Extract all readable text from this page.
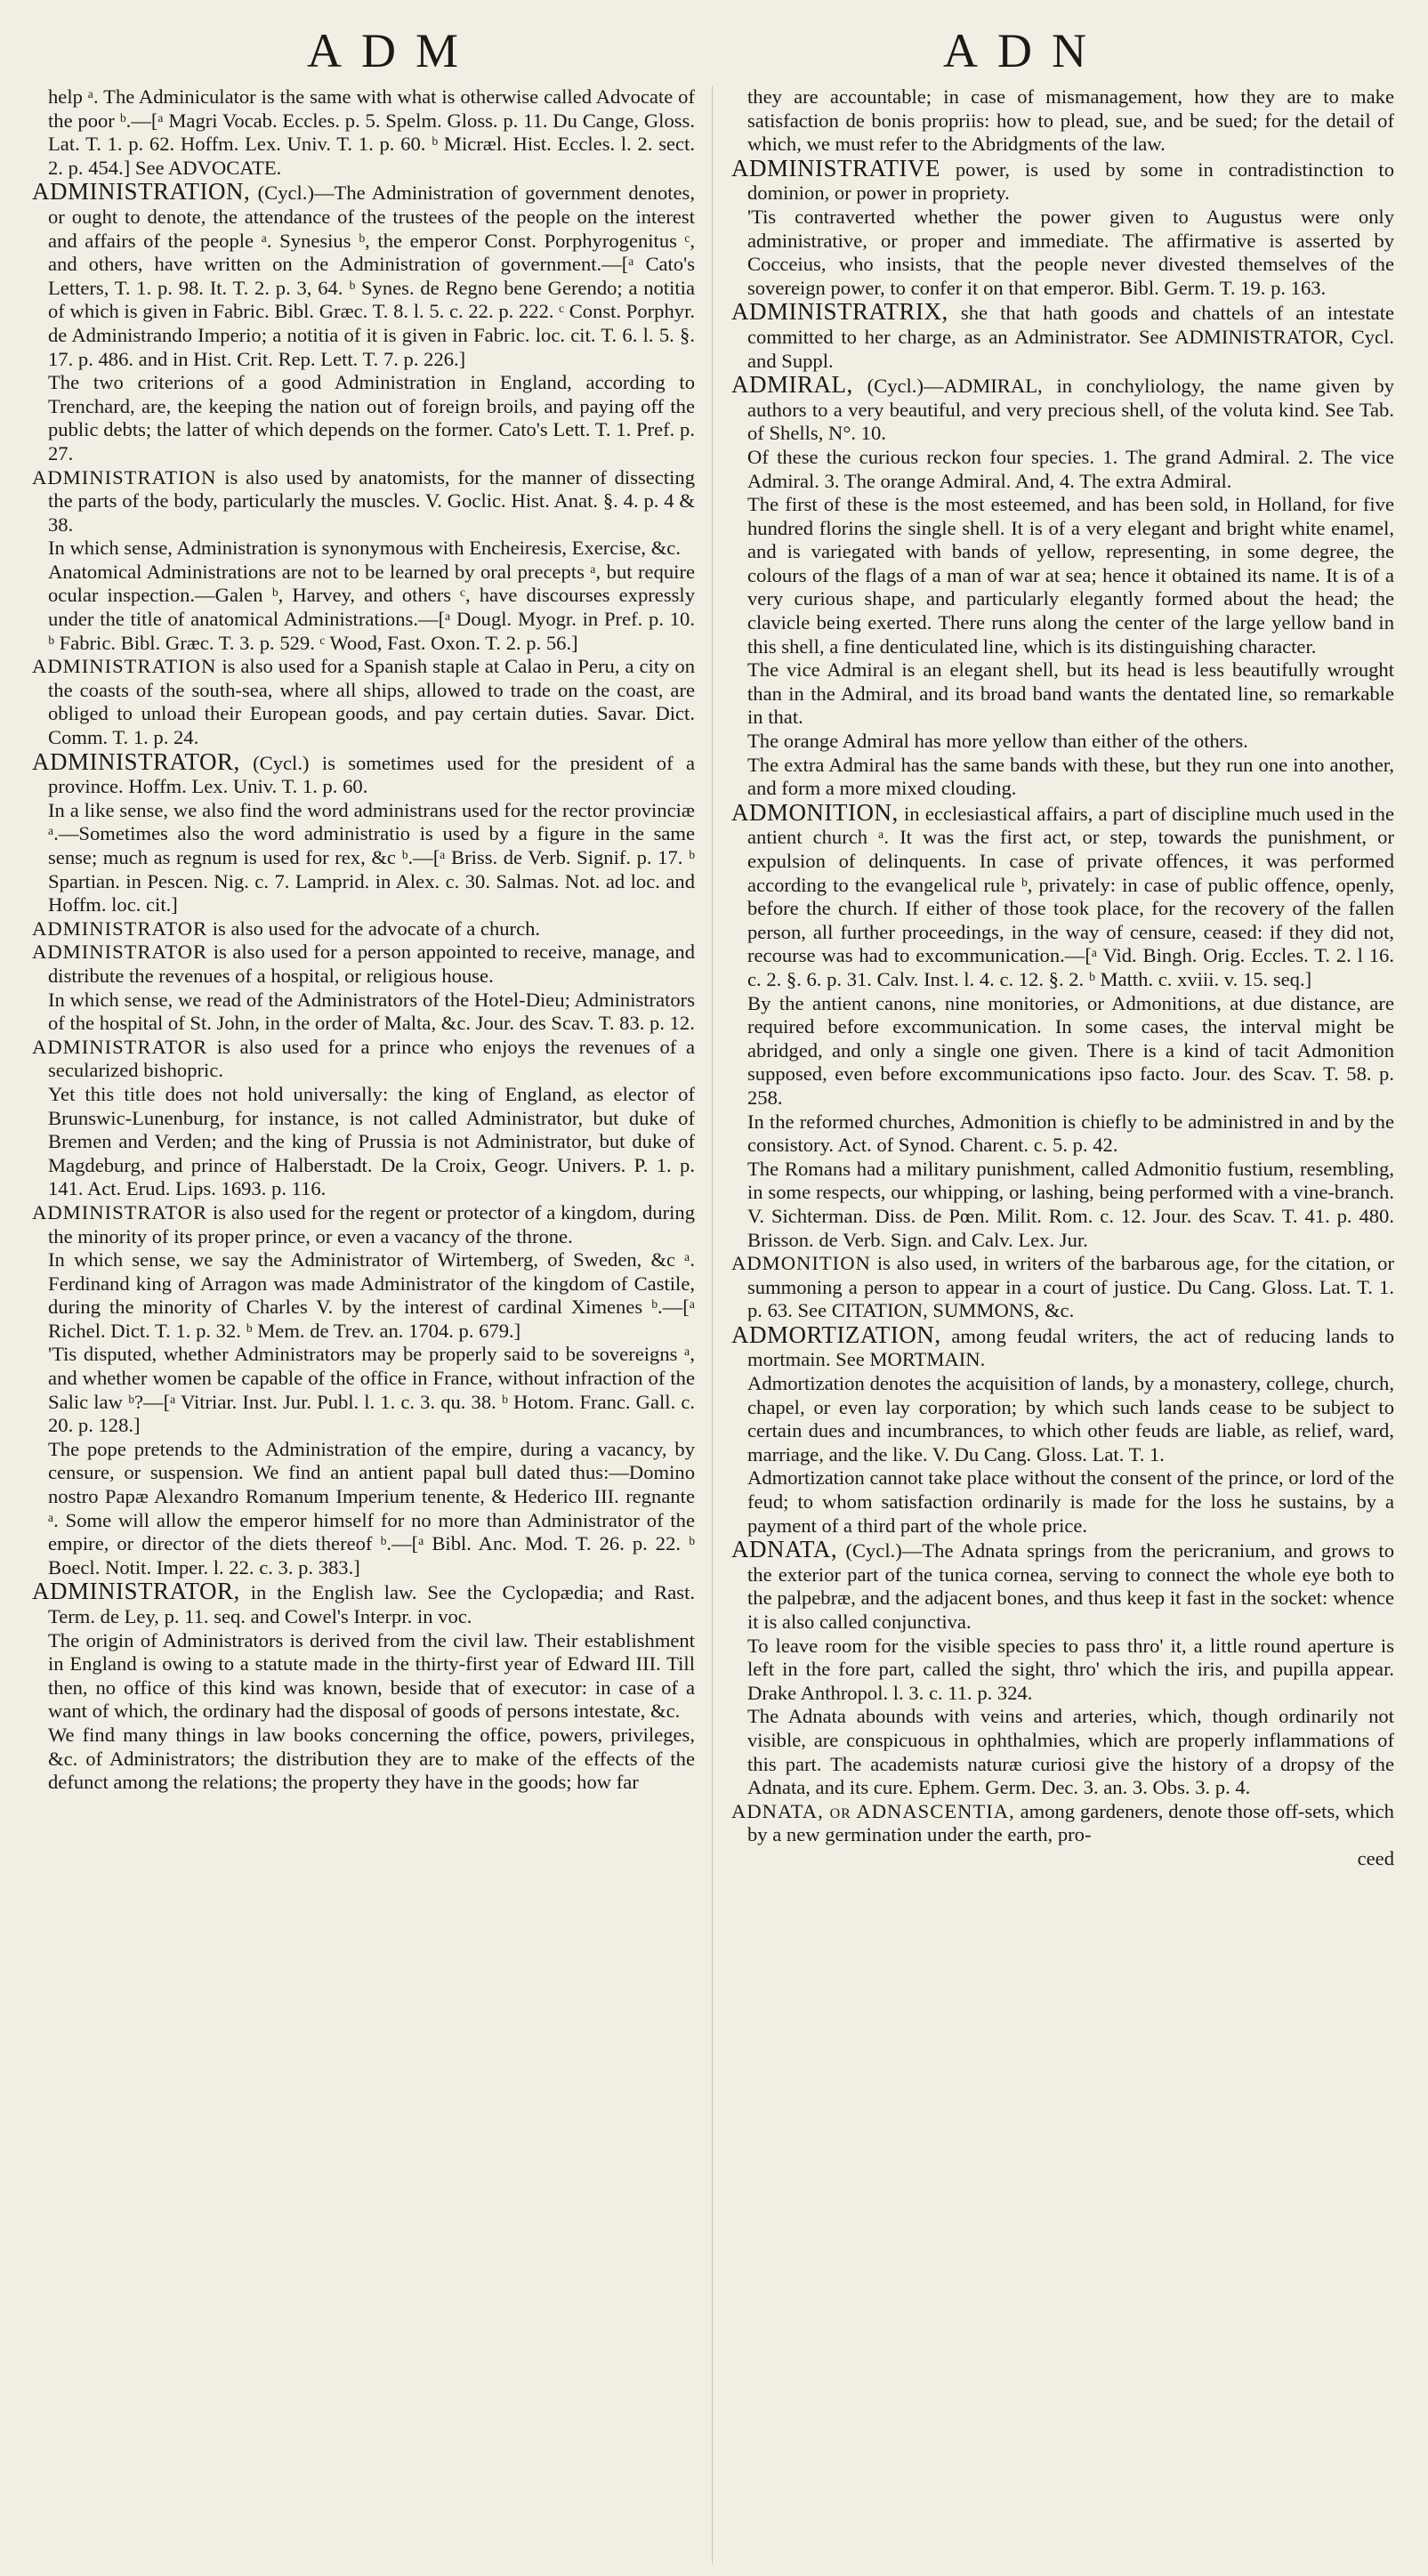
ADM	ADN

help ᵃ. The Adminiculator is the same with what is otherwise called Advocate of the poor ᵇ.—[ᵃ Magri Vocab. Eccles. p. 5. Spelm. Gloss. p. 11. Du Cange, Gloss. Lat. T. 1. p. 62. Hoffm. Lex. Univ. T. 1. p. 60. ᵇ Micræl. Hist. Eccles. l. 2. sect. 2. p. 454.] See ADVOCATE.

ADMINISTRATION, (Cycl.)—The Administration of government denotes, or ought to denote, the attendance of the trustees of the people on the interest and affairs of the people ᵃ. Synesius ᵇ, the emperor Const. Porphyrogenitus ᶜ, and others, have written on the Administration of government.—[ᵃ Cato's Letters, T. 1. p. 98. It. T. 2. p. 3, 64. ᵇ Synes. de Regno bene Gerendo; a notitia of which is given in Fabric. Bibl. Græc. T. 8. l. 5. c. 22. p. 222. ᶜ Const. Porphyr. de Administrando Imperio; a notitia of it is given in Fabric. loc. cit. T. 6. l. 5. §. 17. p. 486. and in Hist. Crit. Rep. Lett. T. 7. p. 226.]

The two criterions of a good Administration in England, according to Trenchard, are, the keeping the nation out of foreign broils, and paying off the public debts; the latter of which depends on the former. Cato's Lett. T. 1. Pref. p. 27.

ADMINISTRATION is also used by anatomists, for the manner of dissecting the parts of the body, particularly the muscles. V. Goclic. Hist. Anat. §. 4. p. 4 & 38.

In which sense, Administration is synonymous with Encheiresis, Exercise, &c.

Anatomical Administrations are not to be learned by oral precepts ᵃ, but require ocular inspection.—Galen ᵇ, Harvey, and others ᶜ, have discourses expressly under the title of anatomical Administrations.—[ᵃ Dougl. Myogr. in Pref. p. 10. ᵇ Fabric. Bibl. Græc. T. 3. p. 529. ᶜ Wood, Fast. Oxon. T. 2. p. 56.]

ADMINISTRATION is also used for a Spanish staple at Calao in Peru, a city on the coasts of the south-sea, where all ships, allowed to trade on the coast, are obliged to unload their European goods, and pay certain duties. Savar. Dict. Comm. T. 1. p. 24.

ADMINISTRATOR, (Cycl.) is sometimes used for the president of a province. Hoffm. Lex. Univ. T. 1. p. 60.

In a like sense, we also find the word administrans used for the rector provinciæ ᵃ.—Sometimes also the word administratio is used by a figure in the same sense; much as regnum is used for rex, &c ᵇ.—[ᵃ Briss. de Verb. Signif. p. 17. ᵇ Spartian. in Pescen. Nig. c. 7. Lamprid. in Alex. c. 30. Salmas. Not. ad loc. and Hoffm. loc. cit.]

ADMINISTRATOR is also used for the advocate of a church.

ADMINISTRATOR is also used for a person appointed to receive, manage, and distribute the revenues of a hospital, or religious house.

In which sense, we read of the Administrators of the Hotel-Dieu; Administrators of the hospital of St. John, in the order of Malta, &c. Jour. des Scav. T. 83. p. 12.

ADMINISTRATOR is also used for a prince who enjoys the revenues of a secularized bishopric.

Yet this title does not hold universally: the king of England, as elector of Brunswic-Lunenburg, for instance, is not called Administrator, but duke of Bremen and Verden; and the king of Prussia is not Administrator, but duke of Magdeburg, and prince of Halberstadt. De la Croix, Geogr. Univers. P. 1. p. 141. Act. Erud. Lips. 1693. p. 116.

ADMINISTRATOR is also used for the regent or protector of a kingdom, during the minority of its proper prince, or even a vacancy of the throne.

In which sense, we say the Administrator of Wirtemberg, of Sweden, &c ᵃ. Ferdinand king of Arragon was made Administrator of the kingdom of Castile, during the minority of Charles V. by the interest of cardinal Ximenes ᵇ.—[ᵃ Richel. Dict. T. 1. p. 32. ᵇ Mem. de Trev. an. 1704. p. 679.]

'Tis disputed, whether Administrators may be properly said to be sovereigns ᵃ, and whether women be capable of the office in France, without infraction of the Salic law ᵇ?—[ᵃ Vitriar. Inst. Jur. Publ. l. 1. c. 3. qu. 38. ᵇ Hotom. Franc. Gall. c. 20. p. 128.]

The pope pretends to the Administration of the empire, during a vacancy, by censure, or suspension. We find an antient papal bull dated thus:—Domino nostro Papæ Alexandro Romanum Imperium tenente, & Hederico III. regnante ᵃ. Some will allow the emperor himself for no more than Administrator of the empire, or director of the diets thereof ᵇ.—[ᵃ Bibl. Anc. Mod. T. 26. p. 22. ᵇ Boecl. Notit. Imper. l. 22. c. 3. p. 383.]

ADMINISTRATOR, in the English law. See the Cyclopædia; and Rast. Term. de Ley, p. 11. seq. and Cowel's Interpr. in voc.

The origin of Administrators is derived from the civil law. Their establishment in England is owing to a statute made in the thirty-first year of Edward III. Till then, no office of this kind was known, beside that of executor: in case of a want of which, the ordinary had the disposal of goods of persons intestate, &c.

We find many things in law books concerning the office, powers, privileges, &c. of Administrators; the distribution they are to make of the effects of the defunct among the relations; the property they have in the goods; how far

they are accountable; in case of mismanagement, how they are to make satisfaction de bonis propriis: how to plead, sue, and be sued; for the detail of which, we must refer to the Abridgments of the law.

ADMINISTRATIVE power, is used by some in contradistinction to dominion, or power in propriety.

'Tis contraverted whether the power given to Augustus were only administrative, or proper and immediate. The affirmative is asserted by Cocceius, who insists, that the people never divested themselves of the sovereign power, to confer it on that emperor. Bibl. Germ. T. 19. p. 163.

ADMINISTRATRIX, she that hath goods and chattels of an intestate committed to her charge, as an Administrator. See ADMINISTRATOR, Cycl. and Suppl.

ADMIRAL, (Cycl.)—ADMIRAL, in conchyliology, the name given by authors to a very beautiful, and very precious shell, of the voluta kind. See Tab. of Shells, N°. 10.

Of these the curious reckon four species. 1. The grand Admiral. 2. The vice Admiral. 3. The orange Admiral. And, 4. The extra Admiral.

The first of these is the most esteemed, and has been sold, in Holland, for five hundred florins the single shell. It is of a very elegant and bright white enamel, and is variegated with bands of yellow, representing, in some degree, the colours of the flags of a man of war at sea; hence it obtained its name. It is of a very curious shape, and particularly elegantly formed about the head; the clavicle being exerted. There runs along the center of the large yellow band in this shell, a fine denticulated line, which is its distinguishing character.

The vice Admiral is an elegant shell, but its head is less beautifully wrought than in the Admiral, and its broad band wants the dentated line, so remarkable in that.

The orange Admiral has more yellow than either of the others.

The extra Admiral has the same bands with these, but they run one into another, and form a more mixed clouding.

ADMONITION, in ecclesiastical affairs, a part of discipline much used in the antient church ᵃ. It was the first act, or step, towards the punishment, or expulsion of delinquents. In case of private offences, it was performed according to the evangelical rule ᵇ, privately: in case of public offence, openly, before the church. If either of those took place, for the recovery of the fallen person, all further proceedings, in the way of censure, ceased: if they did not, recourse was had to excommunication.—[ᵃ Vid. Bingh. Orig. Eccles. T. 2. l 16. c. 2. §. 6. p. 31. Calv. Inst. l. 4. c. 12. §. 2. ᵇ Matth. c. xviii. v. 15. seq.]

By the antient canons, nine monitories, or Admonitions, at due distance, are required before excommunication. In some cases, the interval might be abridged, and only a single one given. There is a kind of tacit Admonition supposed, even before excommunications ipso facto. Jour. des Scav. T. 58. p. 258.

In the reformed churches, Admonition is chiefly to be administred in and by the consistory. Act. of Synod. Charent. c. 5. p. 42.

The Romans had a military punishment, called Admonitio fustium, resembling, in some respects, our whipping, or lashing, being performed with a vine-branch. V. Sichterman. Diss. de Pœn. Milit. Rom. c. 12. Jour. des Scav. T. 41. p. 480. Brisson. de Verb. Sign. and Calv. Lex. Jur.

ADMONITION is also used, in writers of the barbarous age, for the citation, or summoning a person to appear in a court of justice. Du Cang. Gloss. Lat. T. 1. p. 63. See CITATION, SUMMONS, &c.

ADMORTIZATION, among feudal writers, the act of reducing lands to mortmain. See MORTMAIN.

Admortization denotes the acquisition of lands, by a monastery, college, church, chapel, or even lay corporation; by which such lands cease to be subject to certain dues and incumbrances, to which other feuds are liable, as relief, ward, marriage, and the like. V. Du Cang. Gloss. Lat. T. 1.

Admortization cannot take place without the consent of the prince, or lord of the feud; to whom satisfaction ordinarily is made for the loss he sustains, by a payment of a third part of the whole price.

ADNATA, (Cycl.)—The Adnata springs from the pericranium, and grows to the exterior part of the tunica cornea, serving to connect the whole eye both to the palpebræ, and the adjacent bones, and thus keep it fast in the socket: whence it is also called conjunctiva.

To leave room for the visible species to pass thro' it, a little round aperture is left in the fore part, called the sight, thro' which the iris, and pupilla appear. Drake Anthropol. l. 3. c. 11. p. 324.

The Adnata abounds with veins and arteries, which, though ordinarily not visible, are conspicuous in ophthalmies, which are properly inflammations of this part. The academists naturæ curiosi give the history of a dropsy of the Adnata, and its cure. Ephem. Germ. Dec. 3. an. 3. Obs. 3. p. 4.

ADNATA, or ADNASCENTIA, among gardeners, denote those off-sets, which by a new germination under the earth, pro-

ceed
